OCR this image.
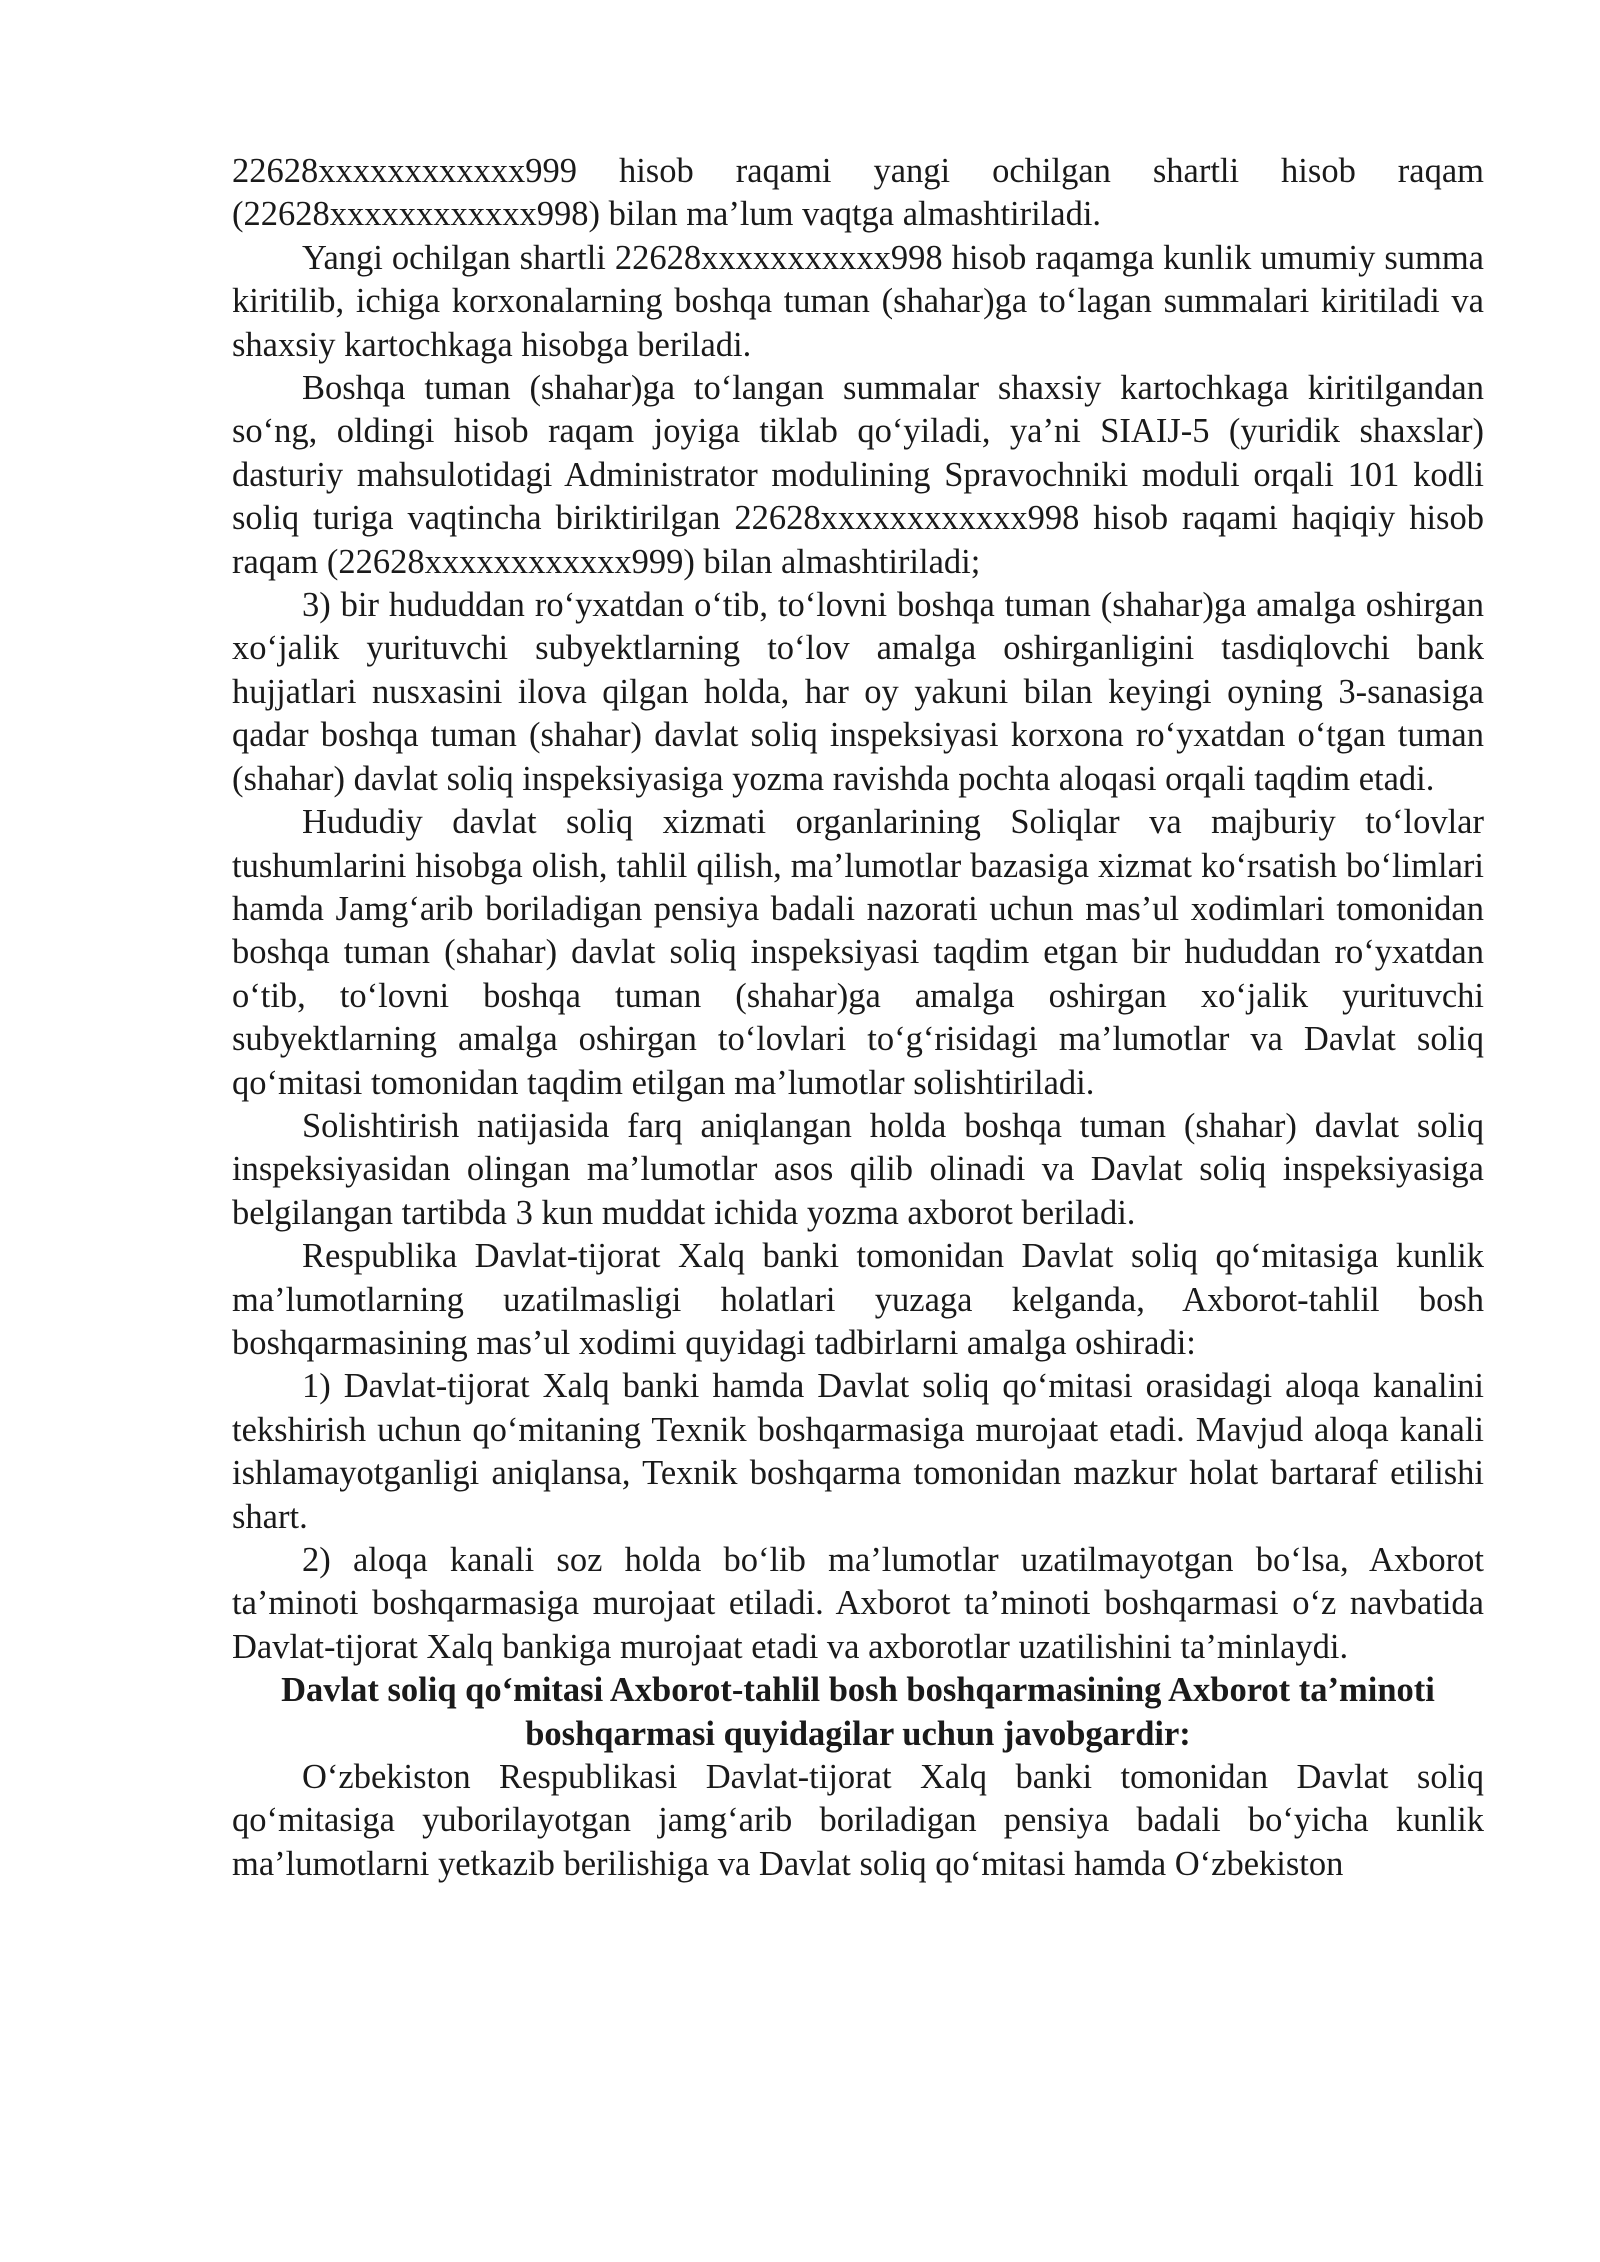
22628xxxxxxxxxxxx999 hisob raqami yangi ochilgan shartli hisob raqam (22628xxxxxxxxxxxx998) bilan ma’lum vaqtga almashtiriladi.

Yangi ochilgan shartli 22628xxxxxxxxxxx998 hisob raqamga kunlik umumiy summa kiritilib, ichiga korxonalarning boshqa tuman (shahar)ga to‘lagan summalari kiritiladi va shaxsiy kartochkaga hisobga beriladi.

Boshqa tuman (shahar)ga to‘langan summalar shaxsiy kartochkaga kiritilgandan so‘ng, oldingi hisob raqam joyiga tiklab qo‘yiladi, ya’ni SIAIJ-5 (yuridik shaxslar) dasturiy mahsulotidagi Administrator modulining Spravochniki moduli orqali 101 kodli soliq turiga vaqtincha biriktirilgan 22628xxxxxxxxxxxx998 hisob raqami haqiqiy hisob raqam (22628xxxxxxxxxxxx999) bilan almashtiriladi;

3) bir hududdan ro‘yxatdan o‘tib, to‘lovni boshqa tuman (shahar)ga amalga oshirgan xo‘jalik yurituvchi subyektlarning to‘lov amalga oshirganligini tasdiqlovchi bank hujjatlari nusxasini ilova qilgan holda, har oy yakuni bilan keyingi oyning 3-sanasiga qadar boshqa tuman (shahar) davlat soliq inspeksiyasi korxona ro‘yxatdan o‘tgan tuman (shahar) davlat soliq inspeksiyasiga yozma ravishda pochta aloqasi orqali taqdim etadi.

Hududiy davlat soliq xizmati organlarining Soliqlar va majburiy to‘lovlar tushumlarini hisobga olish, tahlil qilish, ma’lumotlar bazasiga xizmat ko‘rsatish bo‘limlari hamda Jamg‘arib boriladigan pensiya badali nazorati uchun mas’ul xodimlari tomonidan boshqa tuman (shahar) davlat soliq inspeksiyasi taqdim etgan bir hududdan ro‘yxatdan o‘tib, to‘lovni boshqa tuman (shahar)ga amalga oshirgan xo‘jalik yurituvchi subyektlarning amalga oshirgan to‘lovlari to‘g‘risidagi ma’lumotlar va Davlat soliq qo‘mitasi tomonidan taqdim etilgan ma’lumotlar solishtiriladi.

Solishtirish natijasida farq aniqlangan holda boshqa tuman (shahar) davlat soliq inspeksiyasidan olingan ma’lumotlar asos qilib olinadi va Davlat soliq inspeksiyasiga belgilangan tartibda 3 kun muddat ichida yozma axborot beriladi.

Respublika Davlat-tijorat Xalq banki tomonidan Davlat soliq qo‘mitasiga kunlik ma’lumotlarning uzatilmasligi holatlari yuzaga kelganda, Axborot-tahlil bosh boshqarmasining mas’ul xodimi quyidagi tadbirlarni amalga oshiradi:

1) Davlat-tijorat Xalq banki hamda Davlat soliq qo‘mitasi orasidagi aloqa kanalini tekshirish uchun qo‘mitaning Texnik boshqarmasiga murojaat etadi. Mavjud aloqa kanali ishlamayotganligi aniqlansa, Texnik boshqarma tomonidan mazkur holat bartaraf etilishi shart.

2) aloqa kanali soz holda bo‘lib ma’lumotlar uzatilmayotgan bo‘lsa, Axborot ta’minoti boshqarmasiga murojaat etiladi. Axborot ta’minoti boshqarmasi o‘z navbatida Davlat-tijorat Xalq bankiga murojaat etadi va axborotlar uzatilishini ta’minlaydi.

Davlat soliq qo‘mitasi Axborot-tahlil bosh boshqarmasining Axborot ta’minoti boshqarmasi quyidagilar uchun javobgardir:

O‘zbekiston Respublikasi Davlat-tijorat Xalq banki tomonidan Davlat soliq qo‘mitasiga yuborilayotgan jamg‘arib boriladigan pensiya badali bo‘yicha kunlik ma’lumotlarni yetkazib berilishiga va Davlat soliq qo‘mitasi hamda O‘zbekiston
